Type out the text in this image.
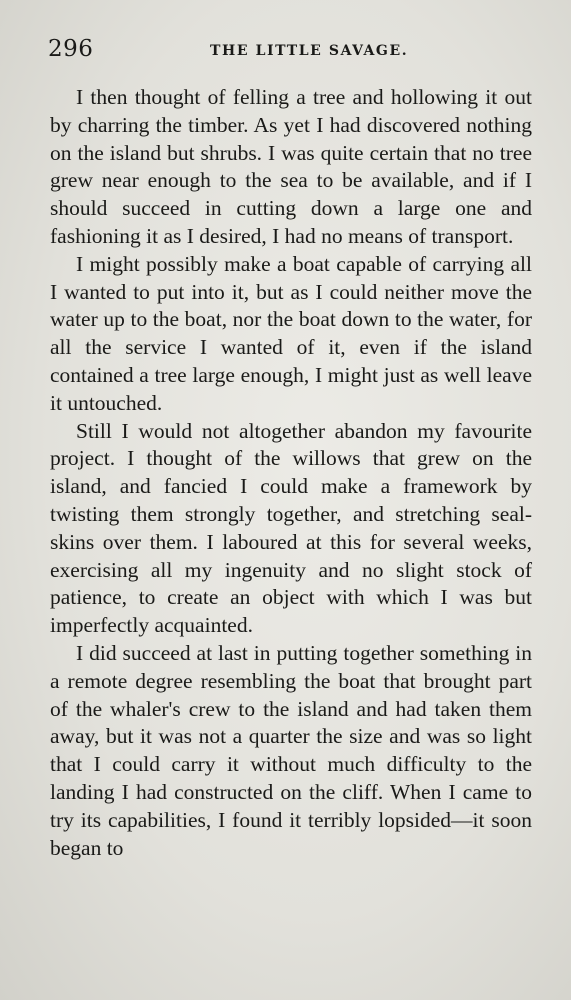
296	THE LITTLE SAVAGE.

I then thought of felling a tree and hollowing it out by charring the timber. As yet I had discovered nothing on the island but shrubs. I was quite certain that no tree grew near enough to the sea to be available, and if I should succeed in cutting down a large one and fashioning it as I desired, I had no means of transport.

I might possibly make a boat capable of carrying all I wanted to put into it, but as I could neither move the water up to the boat, nor the boat down to the water, for all the service I wanted of it, even if the island contained a tree large enough, I might just as well leave it untouched.

Still I would not altogether abandon my favourite project. I thought of the willows that grew on the island, and fancied I could make a framework by twisting them strongly together, and stretching seal-skins over them. I laboured at this for several weeks, exercising all my ingenuity and no slight stock of patience, to create an object with which I was but imperfectly acquainted.

I did succeed at last in putting together something in a remote degree resembling the boat that brought part of the whaler's crew to the island and had taken them away, but it was not a quarter the size and was so light that I could carry it without much difficulty to the landing I had constructed on the cliff. When I came to try its capabilities, I found it terribly lopsided—it soon began to
